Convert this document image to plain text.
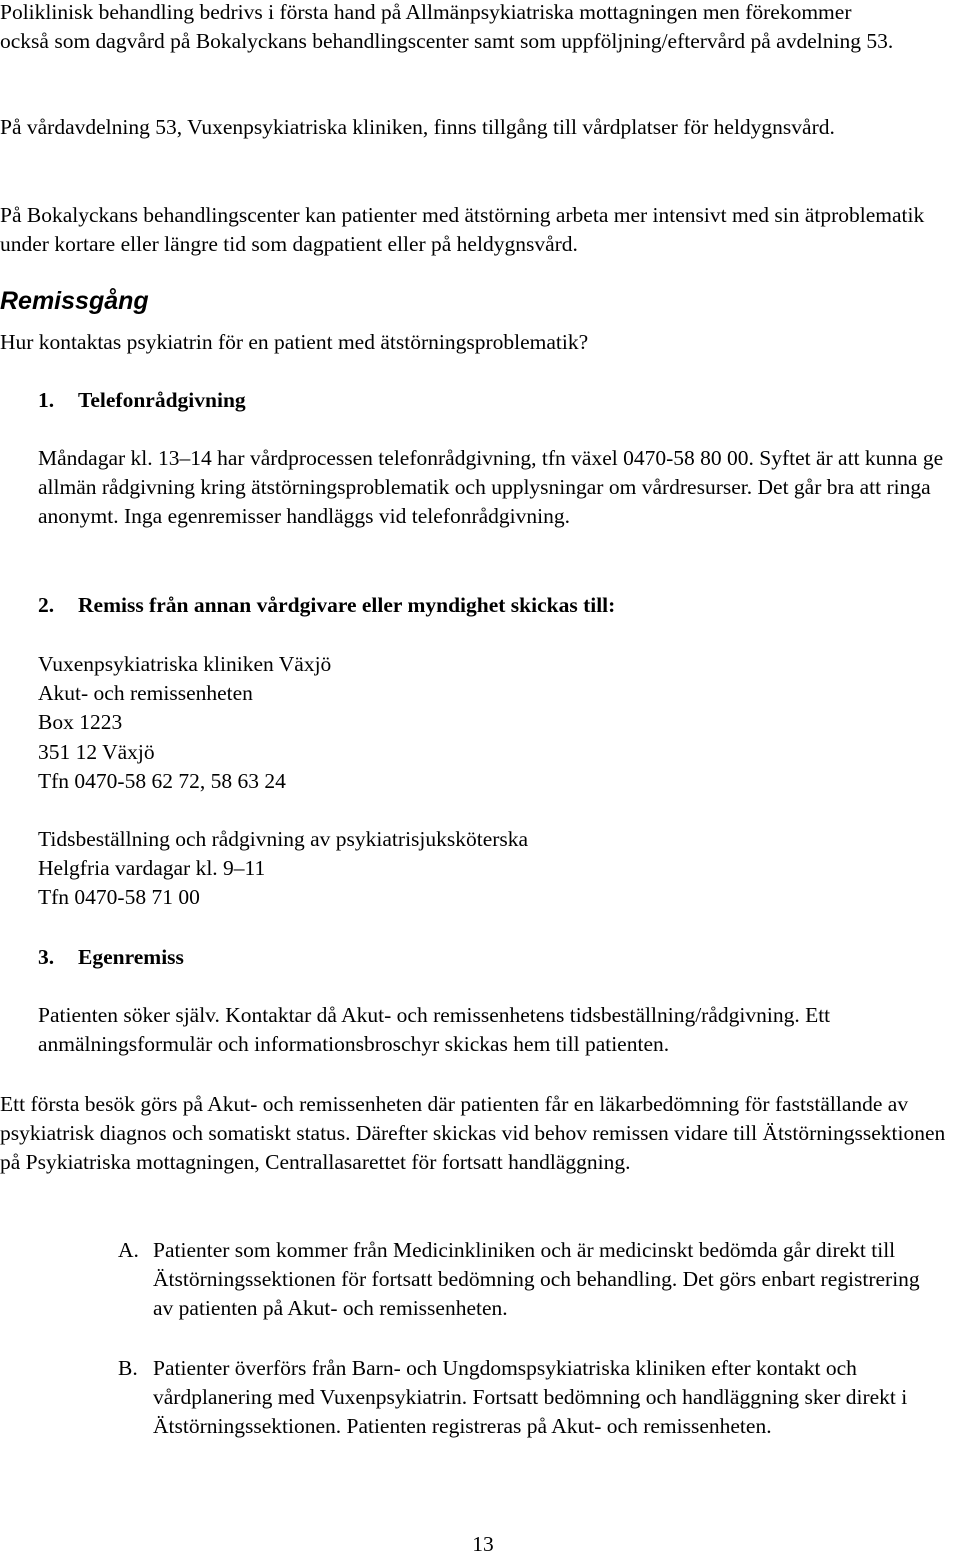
Poliklinisk behandling bedrivs i första hand på Allmänpsykiatriska mottagningen men förekommer också som dagvård på Bokalyckans behandlingscenter samt som uppföljning/eftervård på avdelning 53.

På vårdavdelning 53, Vuxenpsykiatriska kliniken, finns tillgång till vårdplatser för heldygnsvård.

På Bokalyckans behandlingscenter kan patienter med ätstörning arbeta mer intensivt med sin ätproblematik under kortare eller längre tid som dagpatient eller på heldygnsvård.

Remissgång

Hur kontaktas psykiatrin för en patient med ätstörningsproblematik?

1. Telefonrådgivning

Måndagar kl. 13–14 har vårdprocessen telefonrådgivning, tfn växel 0470-58 80 00. Syftet är att kunna ge allmän rådgivning kring ätstörningsproblematik och upplysningar om vårdresurser. Det går bra att ringa anonymt. Inga egenremisser handläggs vid telefonrådgivning.

2. Remiss från annan vårdgivare eller myndighet skickas till:
Vuxenpsykiatriska kliniken Växjö
Akut- och remissenheten
Box 1223
351 12 Växjö
Tfn 0470-58 62 72, 58 63 24
Tidsbeställning och rådgivning av psykiatrisjuksköterska
Helgfria vardagar kl. 9–11
Tfn 0470-58 71 00
3. Egenremiss

Patienten söker själv. Kontaktar då Akut- och remissenhetens tidsbeställning/rådgivning. Ett anmälningsformulär och informationsbroschyr skickas hem till patienten.

Ett första besök görs på Akut- och remissenheten där patienten får en läkarbedömning för fastställande av psykiatrisk diagnos och somatiskt status. Därefter skickas vid behov remissen vidare till Ätstörningssektionen på Psykiatriska mottagningen, Centrallasarettet för fortsatt handläggning.

A. Patienter som kommer från Medicinkliniken och är medicinskt bedömda går direkt till Ätstörningssektionen för fortsatt bedömning och behandling. Det görs enbart registrering av patienten på Akut- och remissenheten.

B. Patienter överförs från Barn- och Ungdomspsykiatriska kliniken efter kontakt och vårdplanering med Vuxenpsykiatrin. Fortsatt bedömning och handläggning sker direkt i Ätstörningssektionen. Patienten registreras på Akut- och remissenheten.

13
